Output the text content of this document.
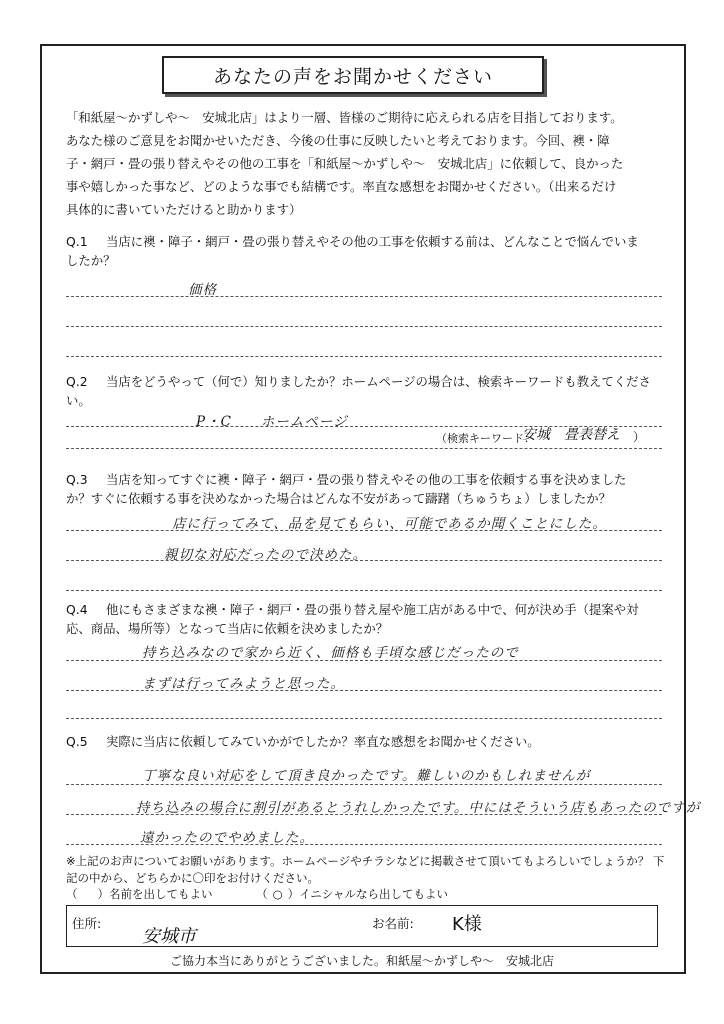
あなたの声をお聞かせください
「和紙屋～かずしや～　安城北店」はより一層、皆様のご期待に応えられる店を目指しております。
あなた様のご意見をお聞かせいただき、今後の仕事に反映したいと考えております。今回、襖・障
子・網戸・畳の張り替えやその他の工事を「和紙屋～かずしや～　安城北店」に依頼して、良かった
事や嬉しかった事など、どのような事でも結構です。率直な感想をお聞かせください。（出来るだけ
具体的に書いていただけると助かります）
Q.1 当店に襖・障子・網戸・畳の張り替えやその他の工事を依頼する前は、どんなことで悩んでいま
したか？
価格
Q.2 当店をどうやって（何で）知りましたか？ホームページの場合は、検索キーワードも教えてくださ
い。
P・C　　ホームページ
（検索キーワード：
安城　畳表替え ）
Q.3 当店を知ってすぐに襖・障子・網戸・畳の張り替えやその他の工事を依頼する事を決めました
か？すぐに依頼する事を決めなかった場合はどんな不安があって躊躇（ちゅうちょ）しましたか？
店に行ってみて、品を見てもらい、可能であるか聞くことにした。
親切な対応だったので決めた。
Q.4 他にもさまざまな襖・障子・網戸・畳の張り替え屋や施工店がある中で、何が決め手（提案や対
応、商品、場所等）となって当店に依頼を決めましたか？
持ち込みなので家から近く、価格も手頃な感じだったので
まずは行ってみようと思った。
Q.5 実際に当店に依頼してみていかがでしたか？率直な感想をお聞かせください。
丁寧な良い対応をして頂き良かったです。難しいのかもしれませんが
持ち込みの場合に割引があるとうれしかったです。中にはそういう店もあったのですが
遠かったのでやめました。
※上記のお声についてお願いがあります。ホームページやチラシなどに掲載させて頂いてもよろしいでしょうか？ 下
記の中から、どちらかに〇印をお付けください。
（ ）名前を出してもよい	（ ○ ）イニシャルなら出してもよい
住所:
安城市
お名前: K様
ご協力本当にありがとうございました。和紙屋～かずしや～　安城北店
